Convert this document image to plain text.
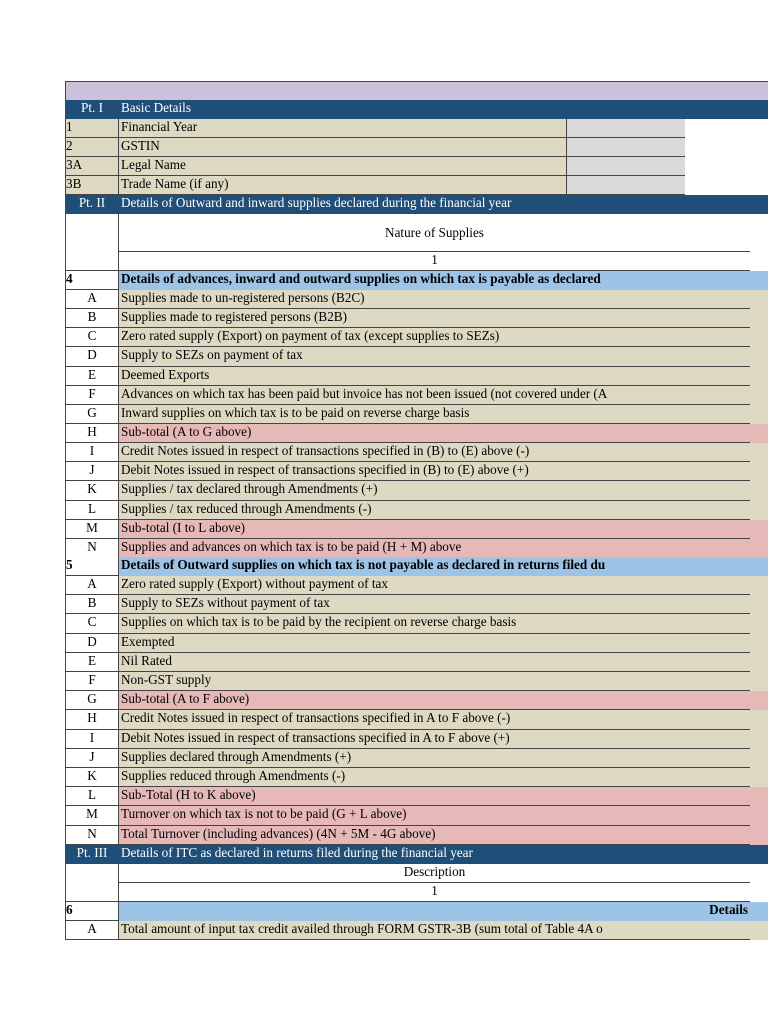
Pt. I	Basic Details
1	Financial Year
2	GSTIN
3A	Legal Name
3B	Trade Name (if any)
Pt. II	Details of Outward and inward supplies declared during the financial year
Nature of Supplies
1
4	Details of advances, inward and outward supplies on which tax is payable as declared
A	Supplies made to un-registered persons (B2C)
B	Supplies made to registered persons (B2B)
C	Zero rated supply (Export) on payment of tax (except supplies to SEZs)
D	Supply to SEZs on payment of tax
E	Deemed Exports
F	Advances on which tax has been paid but invoice has not been issued (not covered under (A
G	Inward supplies on which tax is to be paid on reverse charge basis
H	Sub-total (A to G above)
I	Credit Notes issued in respect of transactions specified in (B) to (E) above (-)
J	Debit Notes issued in respect of transactions specified in (B) to (E) above (+)
K	Supplies / tax declared through Amendments (+)
L	Supplies / tax reduced through Amendments (-)
M	Sub-total (I to L above)
N	Supplies and advances on which tax is to be paid (H + M) above
5	Details of Outward supplies on which tax is not payable as declared in returns filed du
A	Zero rated supply (Export) without payment of tax
B	Supply to SEZs without payment of tax
C	Supplies on which tax is to be paid by the recipient on reverse charge basis
D	Exempted
E	Nil Rated
F	Non-GST supply
G	Sub-total (A to F above)
H	Credit Notes issued in respect of transactions specified in A to F above (-)
I	Debit Notes issued in respect of transactions specified in A to F above (+)
J	Supplies declared through Amendments (+)
K	Supplies reduced through Amendments (-)
L	Sub-Total (H to K above)
M	Turnover on which tax is not to be paid (G + L above)
N	Total Turnover (including advances) (4N + 5M - 4G above)
Pt. III	Details of ITC as declared in returns filed during the financial year
Description
1
6	Details
A	Total amount of input tax credit availed through FORM GSTR-3B (sum total of Table 4A o
